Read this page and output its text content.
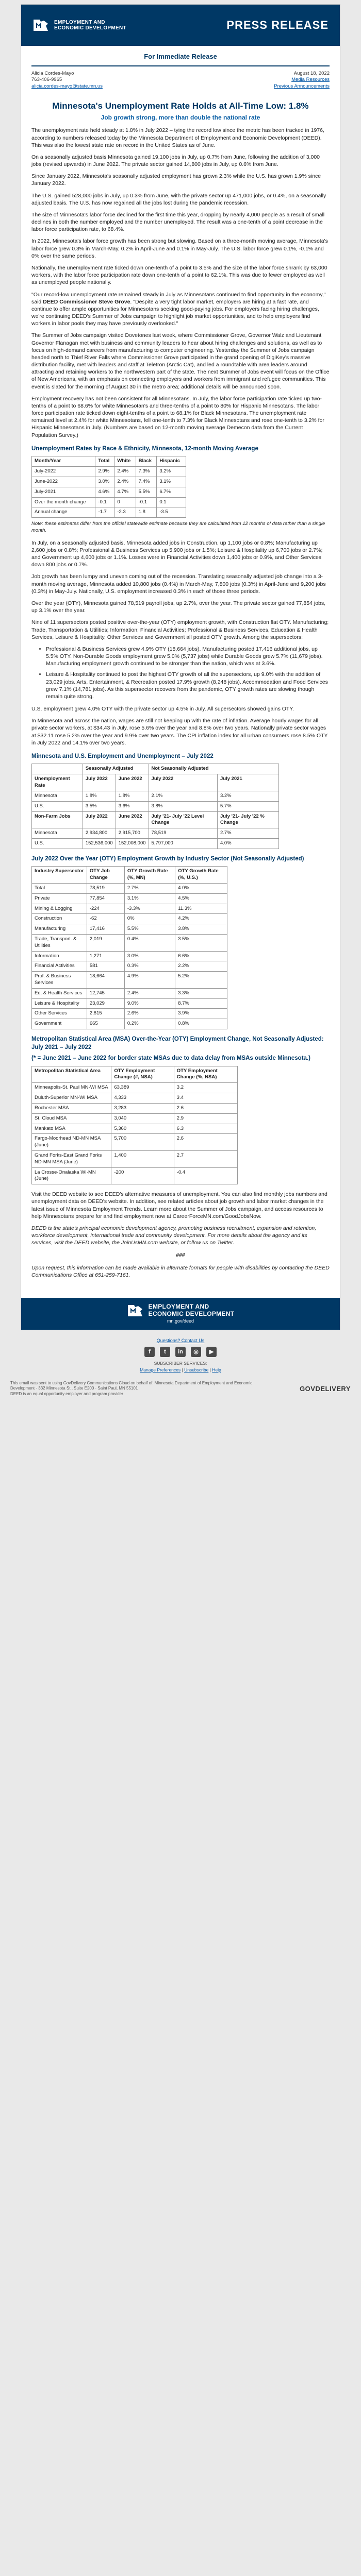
EMPLOYMENT AND
ECONOMIC DEVELOPMENT	PRESS RELEASE
For Immediate Release
Alicia Cordes-Mayo
763-406-9965
alicia.cordes-mayo@state.mn.us
August 18, 2022
Media Resources
Previous Announcements
Minnesota's Unemployment Rate Holds at All-Time Low: 1.8%
Job growth strong, more than double the national rate

The unemployment rate held steady at 1.8% in July 2022 – tying the record low since the metric has been tracked in 1976, according to numbers released today by the Minnesota Department of Employment and Economic Development (DEED). This was also the lowest state rate on record in the United States as of June.

On a seasonally adjusted basis Minnesota gained 19,100 jobs in July, up 0.7% from June, following the addition of 3,000 jobs (revised upwards) in June 2022. The private sector gained 14,800 jobs in July, up 0.6% from June.

Since January 2022, Minnesota's seasonally adjusted employment has grown 2.3% while the U.S. has grown 1.9% since January 2022.

The U.S. gained 528,000 jobs in July, up 0.3% from June, with the private sector up 471,000 jobs, or 0.4%, on a seasonally adjusted basis. The U.S. has now regained all the jobs lost during the pandemic recession.

The size of Minnesota's labor force declined for the first time this year, dropping by nearly 4,000 people as a result of small declines in both the number employed and the number unemployed. The result was a one-tenth of a point decrease in the labor force participation rate, to 68.4%.

In 2022, Minnesota's labor force growth has been strong but slowing. Based on a three-month moving average, Minnesota's labor force grew 0.3% in March-May, 0.2% in April-June and 0.1% in May-July. The U.S. labor force grew 0.1%, -0.1% and 0% over the same periods.

Nationally, the unemployment rate ticked down one-tenth of a point to 3.5% and the size of the labor force shrank by 63,000 workers, with the labor force participation rate down one-tenth of a point to 62.1%. This was due to fewer employed as well as unemployed people nationally.

"Our record-low unemployment rate remained steady in July as Minnesotans continued to find opportunity in the economy," said DEED Commissioner Steve Grove. "Despite a very tight labor market, employers are hiring at a fast rate, and continue to offer ample opportunities for Minnesotans seeking good-paying jobs. For employers facing hiring challenges, we're continuing DEED's Summer of Jobs campaign to highlight job market opportunities, and to help employers find workers in labor pools they may have previously overlooked."

The Summer of Jobs campaign visited Dovetones last week, where Commissioner Grove, Governor Walz and Lieutenant Governor Flanagan met with business and community leaders to hear about hiring challenges and solutions, as well as to focus on high-demand careers from manufacturing to computer engineering. Yesterday the Summer of Jobs campaign headed north to Thief River Falls where Commissioner Grove participated in the grand opening of DigiKey's massive distribution facility, met with leaders and staff at Teletron (Arctic Cat), and led a roundtable with area leaders around attracting and retaining workers to the northwestern part of the state. The next Summer of Jobs event will focus on the Office of New Americans, with an emphasis on connecting employers and workers from immigrant and refugee communities. This event is slated for the morning of August 30 in the metro area; additional details will be announced soon.

Employment recovery has not been consistent for all Minnesotans. In July, the labor force participation rate ticked up two-tenths of a point to 68.6% for white Minnesotan's and three-tenths of a point to 80% for Hispanic Minnesotans. The labor force participation rate ticked down eight-tenths of a point to 68.1% for Black Minnesotans. The unemployment rate remained level at 2.4% for white Minnesotans, fell one-tenth to 7.3% for Black Minnesotans and rose one-tenth to 3.2% for Hispanic Minnesotans in July. (Numbers are based on 12-month moving average Demecon data from the Current Population Survey.)

Unemployment Rates by Race & Ethnicity, Minnesota, 12-month Moving Average
Month/Year	Total	White	Black	Hispanic
July-2022	2.9%	2.4%	7.3%	3.2%
June-2022	3.0%	2.4%	7.4%	3.1%
July-2021	4.6%	4.7%	5.5%	6.7%
Over the month change	-0.1	0	-0.1	0.1
Annual change	-1.7	-2.3	1.8	-3.5
Note: these estimates differ from the official statewide estimate because they are calculated from 12 months of data rather than a single month.

In July, on a seasonally adjusted basis, Minnesota added jobs in Construction, up 1,100 jobs or 0.8%; Manufacturing up 2,600 jobs or 0.8%; Professional & Business Services up 5,900 jobs or 1.5%; Leisure & Hospitality up 6,700 jobs or 2.7%; and Government up 4,600 jobs or 1.1%. Losses were in Financial Activities down 1,400 jobs or 0.9%, and Other Services down 800 jobs or 0.7%.

Job growth has been lumpy and uneven coming out of the recession. Translating seasonally adjusted job change into a 3-month moving average, Minnesota added 10,800 jobs (0.4%) in March-May, 7,800 jobs (0.3%) in April-June and 9,200 jobs (0.3%) in May-July. Nationally, U.S. employment increased 0.3% in each of those three periods.

Over the year (OTY), Minnesota gained 78,519 payroll jobs, up 2.7%, over the year. The private sector gained 77,854 jobs, up 3.1% over the year.

Nine of 11 supersectors posted positive over-the-year (OTY) employment growth, with Construction flat OTY. Manufacturing; Trade, Transportation & Utilities; Information; Financial Activities; Professional & Business Services, Education & Health Services, Leisure & Hospitality, Other Services and Government all posted OTY growth. Among the supersectors:

• Professional & Business Services grew 4.9% OTY (18,664 jobs). Manufacturing posted 17,416 additional jobs, up 5.5% OTY. Non-Durable Goods employment grew 5.0% (5,737 jobs) while Durable Goods grew 5.7% (11,679 jobs). Manufacturing employment growth continued to be stronger than the nation, which was at 3.6%.
• Leisure & Hospitality continued to post the highest OTY growth of all the supersectors, up 9.0% with the addition of 23,029 jobs. Arts, Entertainment, & Recreation posted 17.9% growth (8,248 jobs). Accommodation and Food Services grew 7.1% (14,781 jobs). As this supersector recovers from the pandemic, OTY growth rates are slowing though remain quite strong.

U.S. employment grew 4.0% OTY with the private sector up 4.5% in July. All supersectors showed gains OTY.

In Minnesota and across the nation, wages are still not keeping up with the rate of inflation. Average hourly wages for all private sector workers, at $34.43 in July, rose 5.6% over the year and 8.8% over two years. Nationally private sector wages at $32.11 rose 5.2% over the year and 9.9% over two years. The CPI inflation index for all urban consumers rose 8.5% OTY in July 2022 and 14.1% over two years.

Minnesota and U.S. Employment and Unemployment – July 2022
	Seasonally Adjusted		Not Seasonally Adjusted	
Unemployment Rate	July 2022	June 2022	July 2022	July 2021
Minnesota	1.8%	1.8%	2.1%	3.2%
U.S.	3.5%	3.6%	3.8%	5.7%
Non-Farm Jobs	July 2022	June 2022	July '21- July '22 Level Change	July '21- July '22 % Change
Minnesota	2,934,800	2,915,700	78,519	2.7%
U.S.	152,536,000	152,008,000	5,797,000	4.0%
July 2022 Over the Year (OTY) Employment Growth by Industry Sector (Not Seasonally Adjusted)
Industry Supersector	OTY Job Change	OTY Growth Rate (%, MN)	OTY Growth Rate (%, U.S.)
Total	78,519	2.7%	4.0%
Private	77,854	3.1%	4.5%
Mining & Logging	-224	-3.3%	11.3%
Construction	-62	0%	4.2%
Manufacturing	17,416	5.5%	3.8%
Trade, Transport. & Utilities	2,019	0.4%	3.5%
Information	1,271	3.0%	6.6%
Financial Activities	581	0.3%	2.2%
Prof. & Business Services	18,664	4.9%	5.2%
Ed. & Health Services	12,745	2.4%	3.3%
Leisure & Hospitality	23,029	9.0%	8.7%
Other Services	2,815	2.6%	3.9%
Government	665	0.2%	0.8%
Metropolitan Statistical Area (MSA) Over-the-Year (OTY) Employment Change, Not Seasonally Adjusted: July 2021 – July 2022
(* = June 2021 – June 2022 for border state MSAs due to data delay from MSAs outside Minnesota.)
Metropolitan Statistical Area	OTY Employment Change (#, NSA)	OTY Employment Change (%, NSA)
Minneapolis-St. Paul MN-WI MSA	63,389	3.2
Duluth-Superior MN-WI MSA	4,333	3.4
Rochester MSA	3,283	2.6
St. Cloud MSA	3,040	2.9
Mankato MSA	5,360	6.3
Fargo-Moorhead ND-MN MSA (June)	5,700	2.6
Grand Forks-East Grand Forks ND-MN MSA (June)	1,400	2.7
La Crosse-Onalaska WI-MN (June)	-200	-0.4

Visit the DEED website to see DEED's alternative measures of unemployment. You can also find monthly jobs numbers and unemployment data on DEED's website. In addition, see related articles about job growth and labor market changes in the latest issue of Minnesota Employment Trends. Learn more about the Summer of Jobs campaign, and access resources to help Minnesotans prepare for and find employment now at CareerForceMN.com/GoodJobsNow.

DEED is the state's principal economic development agency, promoting business recruitment, expansion and retention, workforce development, international trade and community development. For more details about the agency and its services, visit the DEED website, the JoinUsMN.com website, or follow us on Twitter.

###

Upon request, this information can be made available in alternate formats for people with disabilities by contacting the DEED Communications Office at 651-259-7161.

EMPLOYMENT AND
ECONOMIC DEVELOPMENT
mn.gov/deed
Questions? Contact Us
f	t	in	◎	▶
SUBSCRIBER SERVICES:
Manage Preferences | Unsubscribe | Help
This email was sent to using GovDelivery Communications Cloud on behalf of: Minnesota Department of Employment and Economic Development · 332 Minnesota St., Suite E200 · Saint Paul, MN 55101
DEED is an equal opportunity employer and program provider
GOVDELIVERY
